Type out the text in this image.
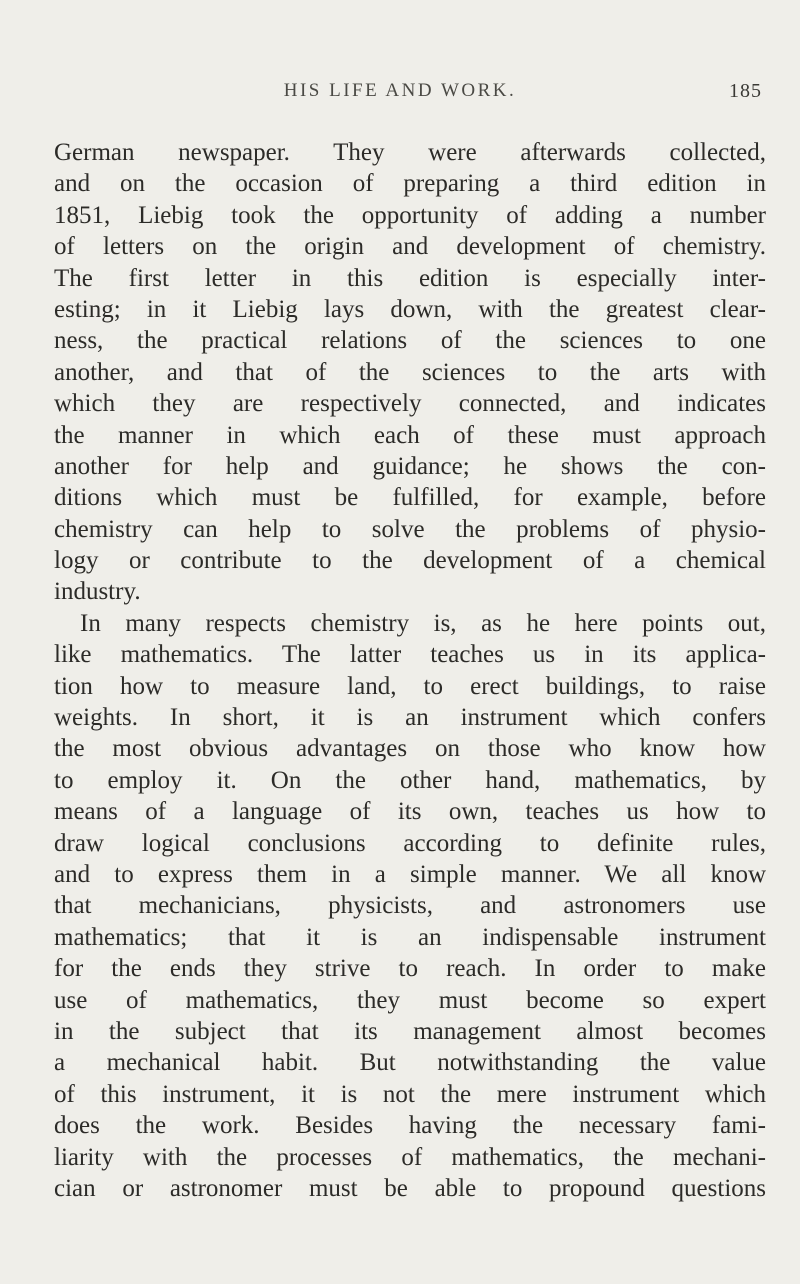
HIS LIFE AND WORK.	185
German newspaper. They were afterwards collected,
and on the occasion of preparing a third edition in
1851, Liebig took the opportunity of adding a number
of letters on the origin and development of chemistry.
The first letter in this edition is especially inter-
esting; in it Liebig lays down, with the greatest clear-
ness, the practical relations of the sciences to one
another, and that of the sciences to the arts with
which they are respectively connected, and indicates
the manner in which each of these must approach
another for help and guidance; he shows the con-
ditions which must be fulfilled, for example, before
chemistry can help to solve the problems of physio-
logy or contribute to the development of a chemical
industry.
In many respects chemistry is, as he here points out,
like mathematics. The latter teaches us in its applica-
tion how to measure land, to erect buildings, to raise
weights. In short, it is an instrument which confers
the most obvious advantages on those who know how
to employ it. On the other hand, mathematics, by
means of a language of its own, teaches us how to
draw logical conclusions according to definite rules,
and to express them in a simple manner. We all know
that mechanicians, physicists, and astronomers use
mathematics; that it is an indispensable instrument
for the ends they strive to reach. In order to make
use of mathematics, they must become so expert
in the subject that its management almost becomes
a mechanical habit. But notwithstanding the value
of this instrument, it is not the mere instrument which
does the work. Besides having the necessary fami-
liarity with the processes of mathematics, the mechani-
cian or astronomer must be able to propound questions
